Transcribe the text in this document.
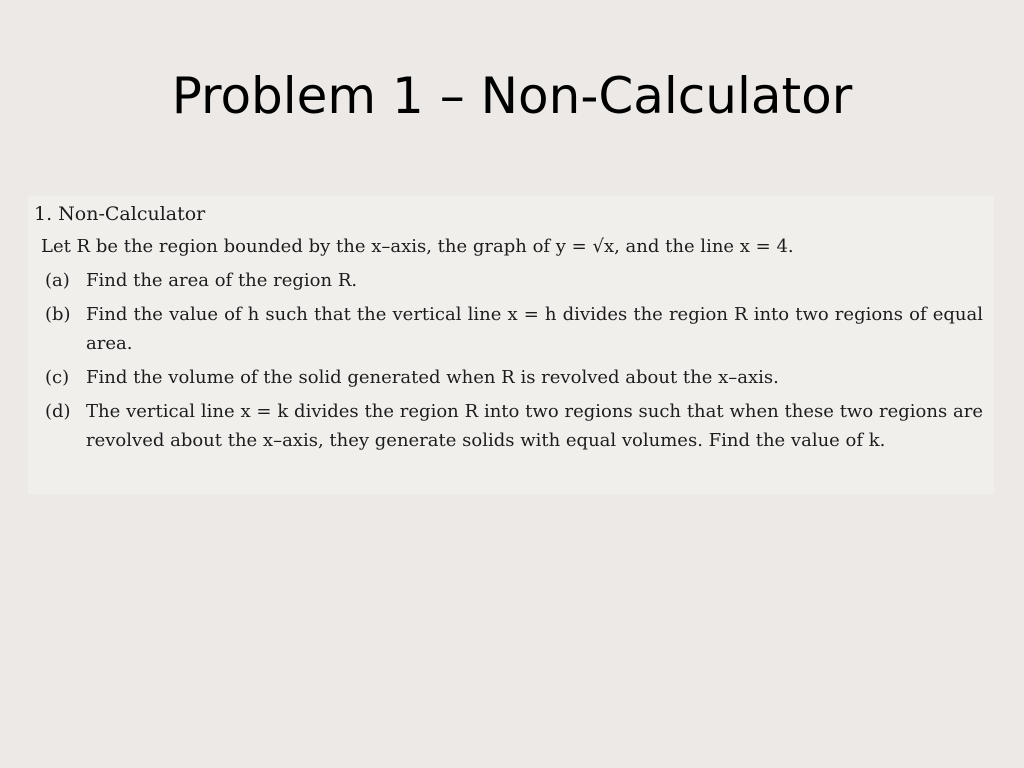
Problem 1 – Non-Calculator
1. Non-Calculator
Let R be the region bounded by the x–axis, the graph of y = √x, and the line x = 4.
(a) Find the area of the region R.
(b) Find the value of h such that the vertical line x = h divides the region R into two regions of equal area.
(c) Find the volume of the solid generated when R is revolved about the x–axis.
(d) The vertical line x = k divides the region R into two regions such that when these two regions are revolved about the x–axis, they generate solids with equal volumes. Find the value of k.
